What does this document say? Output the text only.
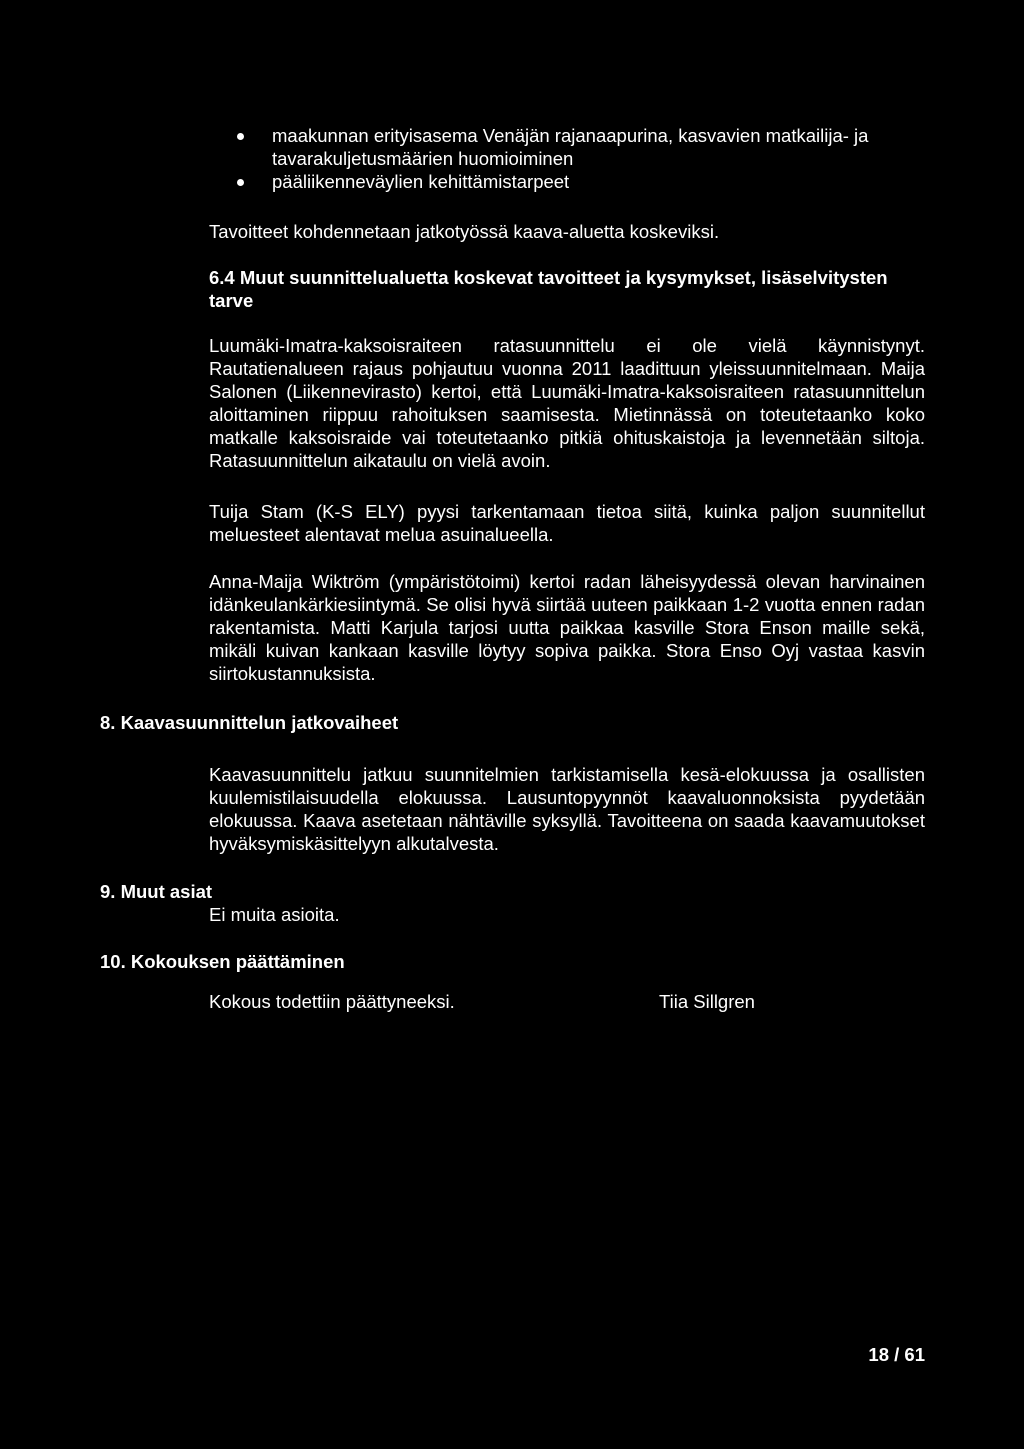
maakunnan erityisasema Venäjän rajanaapurina, kasvavien matkailija- ja tavarakuljetusmäärien huomioiminen
pääliikenneväylien kehittämistarpeet

Tavoitteet kohdennetaan jatkotyössä kaava-aluetta koskeviksi.

6.4 Muut suunnittelualuetta koskevat tavoitteet ja kysymykset, lisäselvitysten tarve

Luumäki-Imatra-kaksoisraiteen ratasuunnittelu ei ole vielä käynnistynyt. Rautatienalueen rajaus pohjautuu vuonna 2011 laadittuun yleissuunnitelmaan. Maija Salonen (Liikennevirasto) kertoi, että Luumäki-Imatra-kaksoisraiteen ratasuunnittelun aloittaminen riippuu rahoituksen saamisesta. Mietinnässä on toteutetaanko koko matkalle kaksoisraide vai toteutetaanko pitkiä ohituskaistoja ja levennetään siltoja. Ratasuunnittelun aikataulu on vielä avoin.

Tuija Stam (K-S ELY) pyysi tarkentamaan tietoa siitä, kuinka paljon suunnitellut meluesteet alentavat melua asuinalueella.

Anna-Maija Wiktröm (ympäristötoimi) kertoi radan läheisyydessä olevan harvinainen idänkeulankärkiesiintymä. Se olisi hyvä siirtää uuteen paikkaan 1-2 vuotta ennen radan rakentamista. Matti Karjula tarjosi uutta paikkaa kasville Stora Enson maille sekä, mikäli kuivan kankaan kasville löytyy sopiva paikka. Stora Enso Oyj vastaa kasvin siirtokustannuksista.

8. Kaavasuunnittelun jatkovaiheet

Kaavasuunnittelu jatkuu suunnitelmien tarkistamisella kesä-elokuussa ja osallisten kuulemistilaisuudella elokuussa. Lausuntopyynnöt kaavaluonnoksista pyydetään elokuussa. Kaava asetetaan nähtäville syksyllä. Tavoitteena on saada kaavamuutokset hyväksymiskäsittelyyn alkutalvesta.

9. Muut asiat

Ei muita asioita.

10. Kokouksen päättäminen

Kokous todettiin päättyneeksi.	Tiia Sillgren

18 / 61
